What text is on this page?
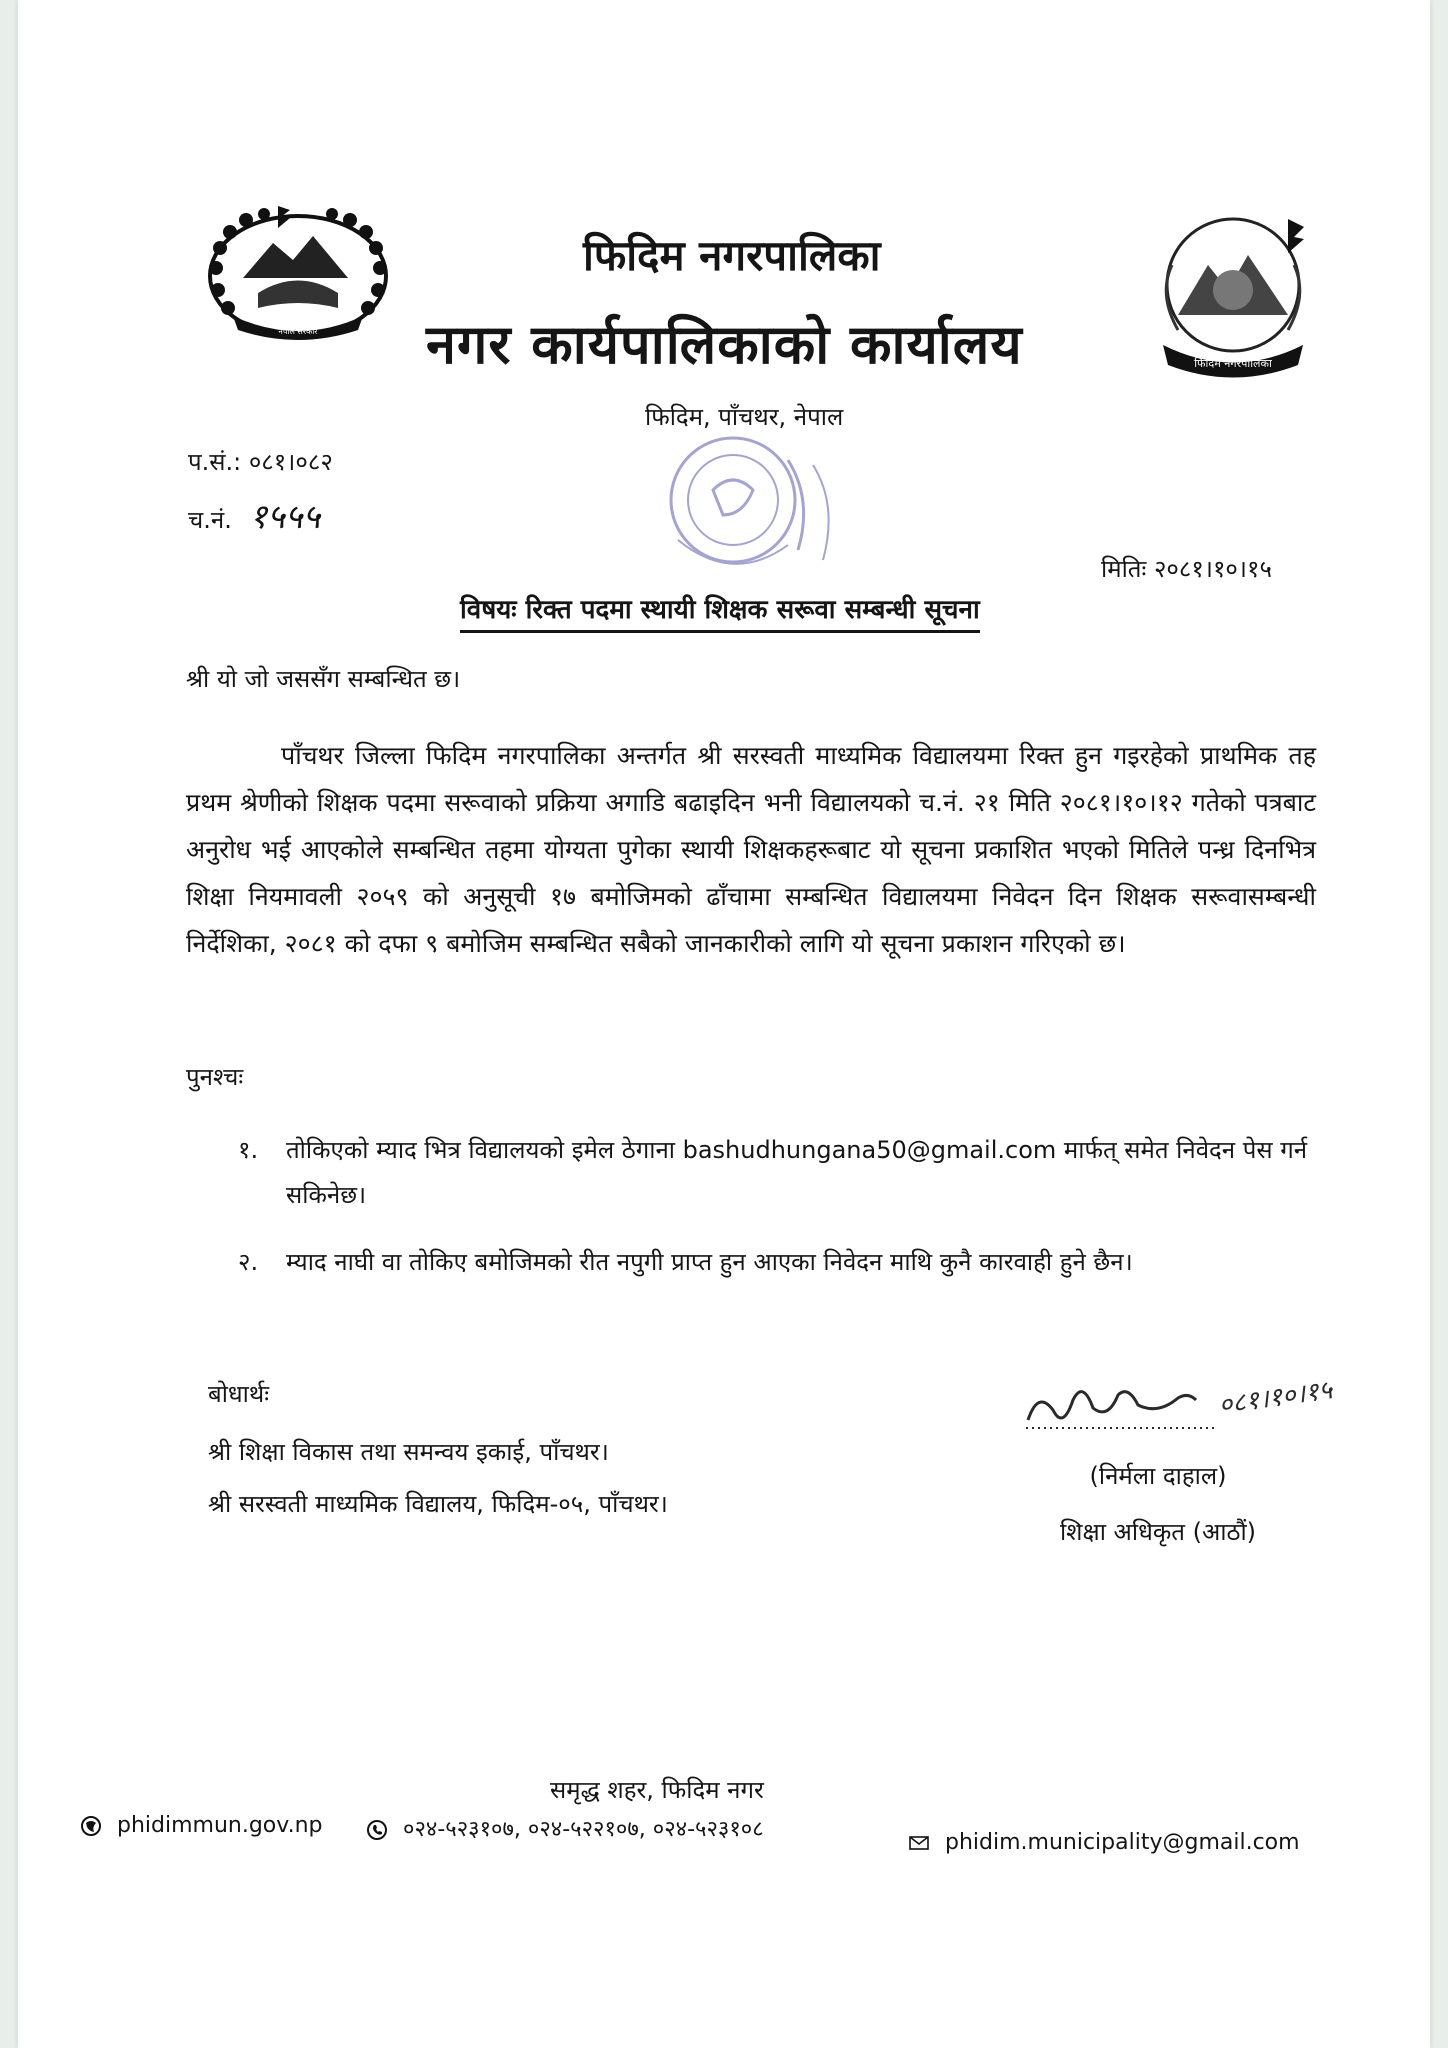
नेपाल सरकार
फिदिम नगरपालिका
नगर कार्यपालिकाको कार्यालय	फिदिम नगरपालिका
फिदिम, पाँचथर, नेपाल
प.सं.: ०८१।०८२
च.नं. १५५५
मितिः २०८१।१०।१५
विषयः रिक्त पदमा स्थायी शिक्षक सरूवा सम्बन्धी सूचना
श्री यो जो जससँग सम्बन्धित छ।
पाँचथर जिल्ला फिदिम नगरपालिका अन्तर्गत श्री सरस्वती माध्यमिक विद्यालयमा रिक्त हुन गइरहेको प्राथमिक तह प्रथम श्रेणीको शिक्षक पदमा सरूवाको प्रक्रिया अगाडि बढाइदिन भनी विद्यालयको च.नं. २१ मिति २०८१।१०।१२ गतेको पत्रबाट अनुरोध भई आएकोले सम्बन्धित तहमा योग्यता पुगेका स्थायी शिक्षकहरूबाट यो सूचना प्रकाशित भएको मितिले पन्ध्र दिनभित्र शिक्षा नियमावली २०५९ को अनुसूची १७ बमोजिमको ढाँचामा सम्बन्धित विद्यालयमा निवेदन दिन शिक्षक सरूवासम्बन्धी निर्देशिका, २०८१ को दफा ९ बमोजिम सम्बन्धित सबैको जानकारीको लागि यो सूचना प्रकाशन गरिएको छ।
पुनश्चः
१. तोकिएको म्याद भित्र विद्यालयको इमेल ठेगाना bashudhungana50@gmail.com मार्फत् समेत निवेदन पेस गर्न सकिनेछ।
२. म्याद नाघी वा तोकिए बमोजिमको रीत नपुगी प्राप्त हुन आएका निवेदन माथि कुनै कारवाही हुने छैन।
बोधार्थः
श्री शिक्षा विकास तथा समन्वय इकाई, पाँचथर।
श्री सरस्वती माध्यमिक विद्यालय, फिदिम-०५, पाँचथर।
०८१।१०।१५
(निर्मला दाहाल)
शिक्षा अधिकृत (आठौं)
समृद्ध शहर, फिदिम नगर
phidimmun.gov.np	०२४-५२३१०७, ०२४-५२२१०७, ०२४-५२३१०८
phidim.municipality@gmail.com
